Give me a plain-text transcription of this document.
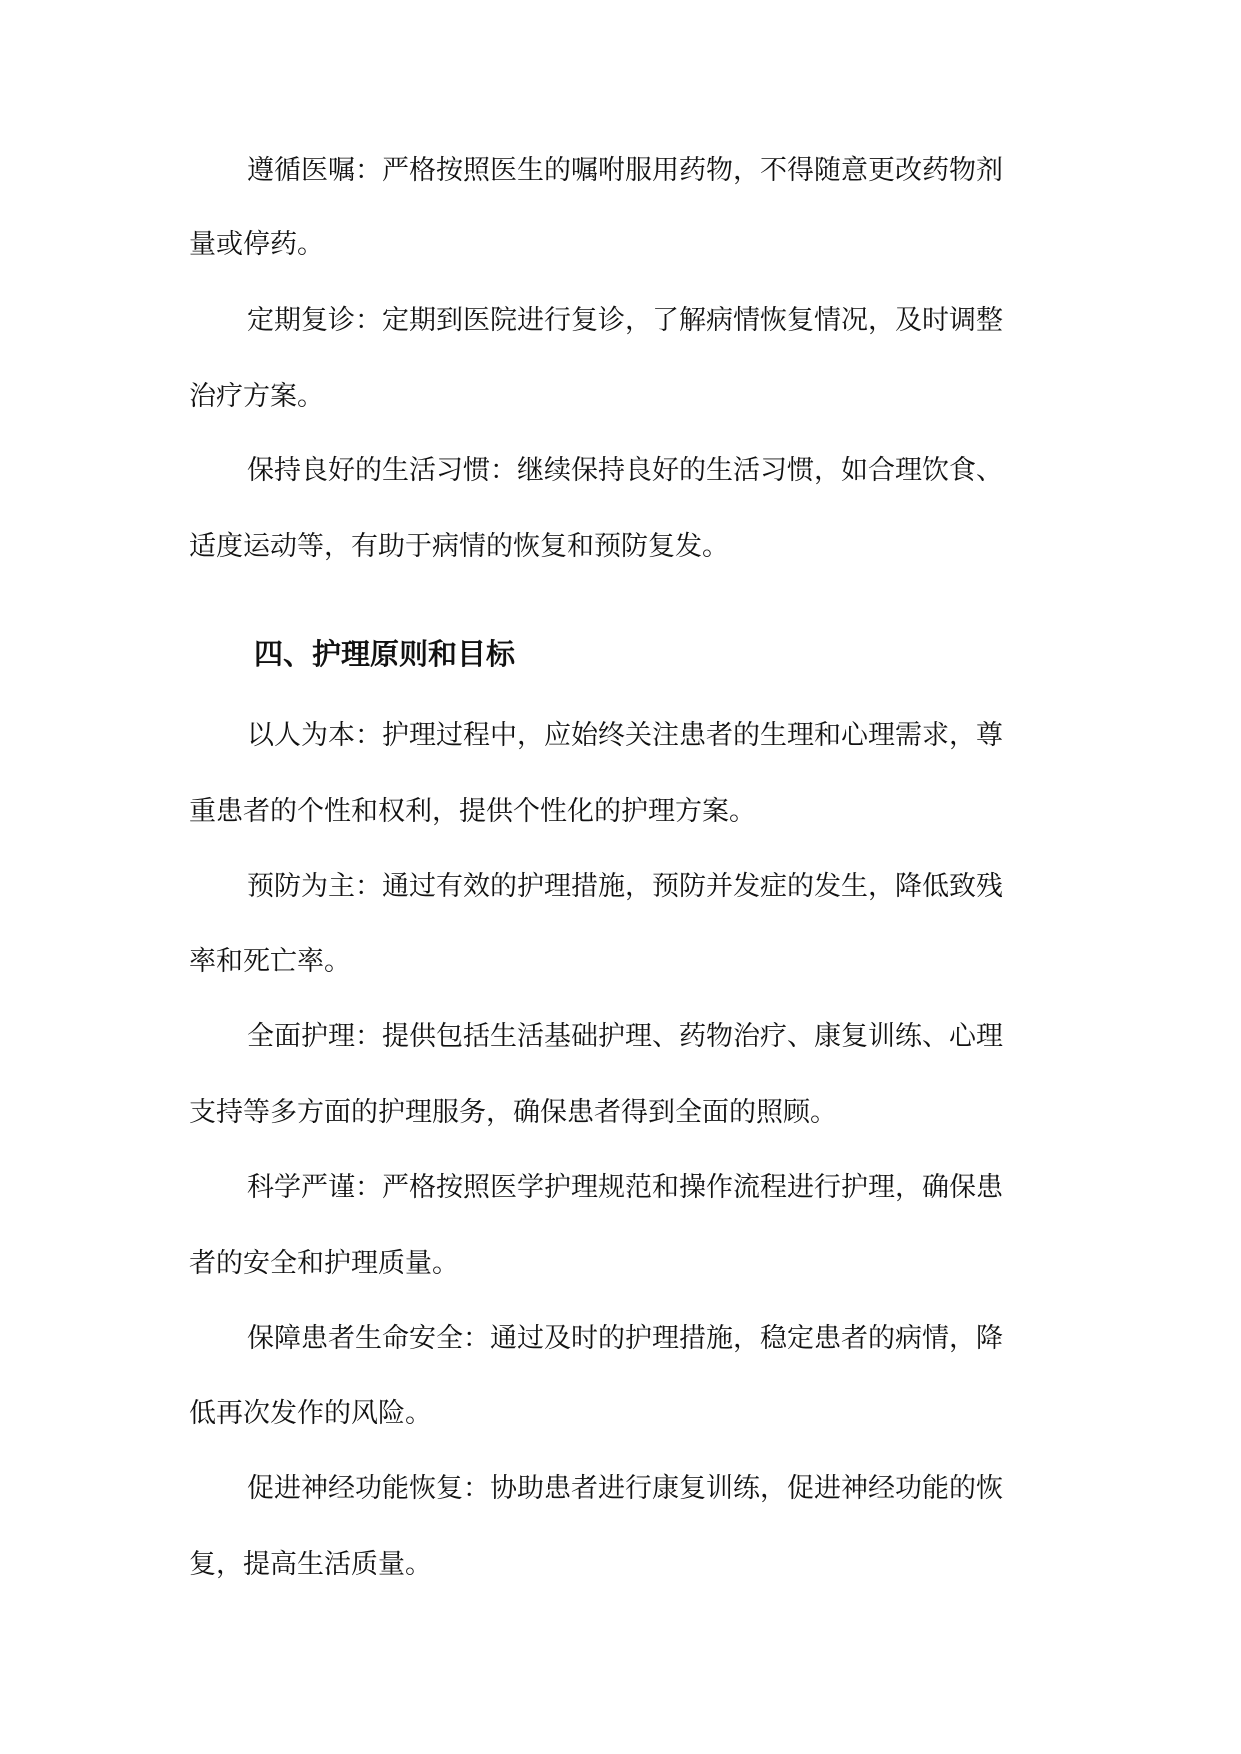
遵循医嘱：严格按照医生的嘱咐服用药物，不得随意更改药物剂

量或停药。

定期复诊：定期到医院进行复诊，了解病情恢复情况，及时调整

治疗方案。

保持良好的生活习惯：继续保持良好的生活习惯，如合理饮食、

适度运动等，有助于病情的恢复和预防复发。

四、护理原则和目标

以人为本：护理过程中，应始终关注患者的生理和心理需求，尊

重患者的个性和权利，提供个性化的护理方案。

预防为主：通过有效的护理措施，预防并发症的发生，降低致残

率和死亡率。

全面护理：提供包括生活基础护理、药物治疗、康复训练、心理

支持等多方面的护理服务，确保患者得到全面的照顾。

科学严谨：严格按照医学护理规范和操作流程进行护理，确保患

者的安全和护理质量。

保障患者生命安全：通过及时的护理措施，稳定患者的病情，降

低再次发作的风险。

促进神经功能恢复：协助患者进行康复训练，促进神经功能的恢

复，提高生活质量。
